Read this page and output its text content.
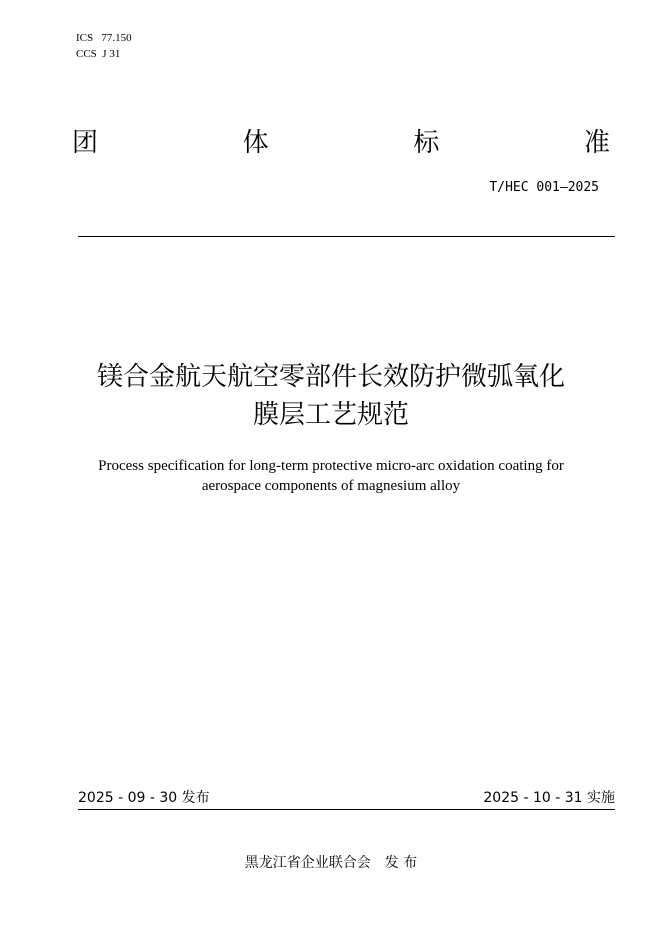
ICS 77.150
CCS J 31
团	体	标	准
T/HEC 001—2025
镁合金航天航空零部件长效防护微弧氧化
膜层工艺规范
Process specification for long-term protective micro-arc oxidation coating for
aerospace components of magnesium alloy
2025 - 09 - 30 发布	2025 - 10 - 31 实施
黑龙江省企业联合会 发 布
